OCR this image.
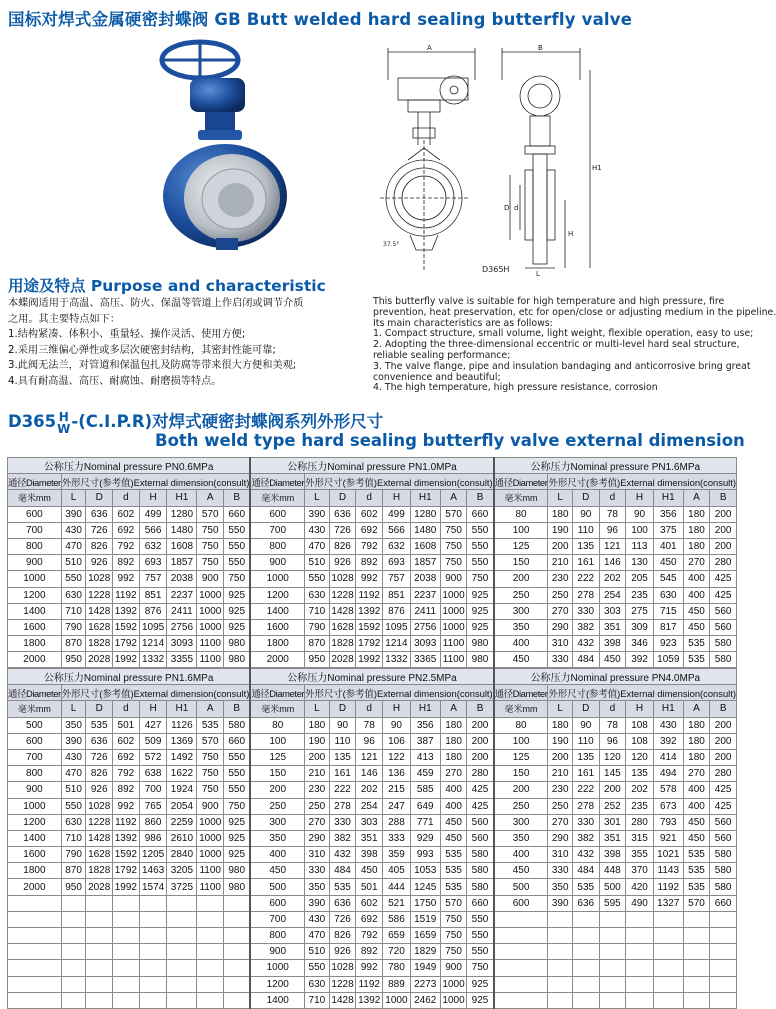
国标对焊式金属硬密封蝶阀 GB Butt welded hard sealing butterfly valve
A
37.5°
B
D d
H
H1
L
D365H
用途及特点 Purpose and characteristic

本蝶阀适用于高温、高压、防火、保温等管道上作启闭或调节介质

之用。其主要特点如下：

1.结构紧凑、体积小、重量轻、操作灵活、使用方便;

2.采用三维偏心弹性或多层次硬密封结构，其密封性能可靠;

3.此阀无法兰，对管道和保温包扎及防腐等带来很大方便和美观;

4.具有耐高温、高压、耐腐蚀、耐磨损等特点。

This butterfly valve is suitable for high temperature and high pressure, fire

prevention, heat preservation, etc for open/close or adjusting medium in the pipeline.

Its main characteristics are as follows:

1. Compact structure, small volume, light weight, flexible operation, easy to use;

2. Adopting the three-dimensional eccentric or multi-level hard seal structure,

reliable sealing performance;

3. The valve flange, pipe and insulation bandaging and anticorrosive bring great

convenience and beautiful;

4. The high temperature, high pressure resistance, corrosion

D365 H
W -(C.I.P.R)对焊式硬密封蝶阀系列外形尺寸
Both weld type hard sealing butterfly valve external dimension
公称压力Nominal pressure PN0.6MPa								公称压力Nominal pressure PN1.0MPa								公称压力Nominal pressure PN1.6MPa							
通径Diameter	外形尺寸(参考值)External dimension(consult)							通径Diameter	外形尺寸(参考值)External dimension(consult)							通径Diameter	外形尺寸(参考值)External dimension(consult)						
毫米mm	L	D	d	H	H1	A	B	毫米mm	L	D	d	H	H1	A	B	毫米mm	L	D	d	H	H1	A	B
600	390	636	602	499	1280	570	660	600	390	636	602	499	1280	570	660	80	180	90	78	90	356	180	200
700	430	726	692	566	1480	750	550	700	430	726	692	566	1480	750	550	100	190	110	96	100	375	180	200
800	470	826	792	632	1608	750	550	800	470	826	792	632	1608	750	550	125	200	135	121	113	401	180	200
900	510	926	892	693	1857	750	550	900	510	926	892	693	1857	750	550	150	210	161	146	130	450	270	280
1000	550	1028	992	757	2038	900	750	1000	550	1028	992	757	2038	900	750	200	230	222	202	205	545	400	425
1200	630	1228	1192	851	2237	1000	925	1200	630	1228	1192	851	2237	1000	925	250	250	278	254	235	630	400	425
1400	710	1428	1392	876	2411	1000	925	1400	710	1428	1392	876	2411	1000	925	300	270	330	303	275	715	450	560
1600	790	1628	1592	1095	2756	1000	925	1600	790	1628	1592	1095	2756	1000	925	350	290	382	351	309	817	450	560
1800	870	1828	1792	1214	3093	1100	980	1800	870	1828	1792	1214	3093	1100	980	400	310	432	398	346	923	535	580
2000	950	2028	1992	1332	3355	1100	980	2000	950	2028	1992	1332	3365	1100	980	450	330	484	450	392	1059	535	580
公称压力Nominal pressure PN1.6MPa								公称压力Nominal pressure PN2.5MPa								公称压力Nominal pressure PN4.0MPa							
通径Diameter	外形尺寸(参考值)External dimension(consult)							通径Diameter	外形尺寸(参考值)External dimension(consult)							通径Diameter	外形尺寸(参考值)External dimension(consult)						
毫米mm	L	D	d	H	H1	A	B	毫米mm	L	D	d	H	H1	A	B	毫米mm	L	D	d	H	H1	A	B
500	350	535	501	427	1126	535	580	80	180	90	78	90	356	180	200	80	180	90	78	108	430	180	200
600	390	636	602	509	1369	570	660	100	190	110	96	106	387	180	200	100	190	110	96	108	392	180	200
700	430	726	692	572	1492	750	550	125	200	135	121	122	413	180	200	125	200	135	120	120	414	180	200
800	470	826	792	638	1622	750	550	150	210	161	146	136	459	270	280	150	210	161	145	135	494	270	280
900	510	926	892	700	1924	750	550	200	230	222	202	215	585	400	425	200	230	222	200	202	578	400	425
1000	550	1028	992	765	2054	900	750	250	250	278	254	247	649	400	425	250	250	278	252	235	673	400	425
1200	630	1228	1192	860	2259	1000	925	300	270	330	303	288	771	450	560	300	270	330	301	280	793	450	560
1400	710	1428	1392	986	2610	1000	925	350	290	382	351	333	929	450	560	350	290	382	351	315	921	450	560
1600	790	1628	1592	1205	2840	1000	925	400	310	432	398	359	993	535	580	400	310	432	398	355	1021	535	580
1800	870	1828	1792	1463	3205	1100	980	450	330	484	450	405	1053	535	580	450	330	484	448	370	1143	535	580
2000	950	2028	1992	1574	3725	1100	980	500	350	535	501	444	1245	535	580	500	350	535	500	420	1192	535	580
								600	390	636	602	521	1750	570	660	600	390	636	595	490	1327	570	660
								700	430	726	692	586	1519	750	550								
								800	470	826	792	659	1659	750	550								
								900	510	926	892	720	1829	750	550								
								1000	550	1028	992	780	1949	900	750								
								1200	630	1228	1192	889	2273	1000	925								
								1400	710	1428	1392	1000	2462	1000	925								
